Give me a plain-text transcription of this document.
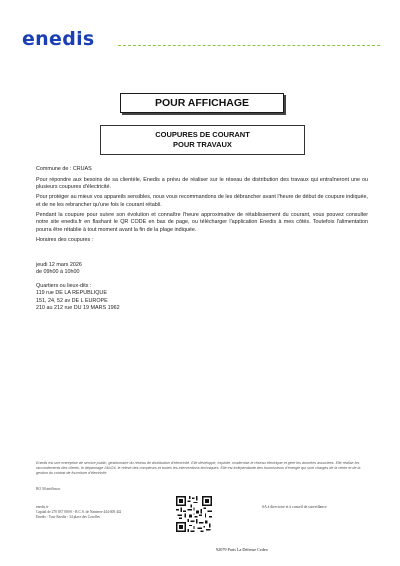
enedis
POUR AFFICHAGE
COUPURES DE COURANT
POUR TRAVAUX

Commune de : CRUAS

Pour répondre aux besoins de sa clientèle, Enedis a prévu de réaliser sur le réseau de distribution des travaux qui entraîneront une ou plusieurs coupures d'électricité.

Pour protéger au mieux vos appareils sensibles, nous vous recommandons de les débrancher avant l'heure de début de coupure indiquée, et de ne les rebrancher qu'une fois le courant rétabli.

Pendant la coupure pour suivre son évolution et connaître l'heure approximative de rétablissement du courant, vous pouvez consulter notre site enedis.fr en flashant le QR CODE en bas de page, ou télécharger l'application Enedis à mes côtés. Toutefois l'alimentation pourra être rétablie à tout moment avant la fin de la plage indiquée.

Horaires des coupures :

jeudi 12 mars 2026
de 09h00 à 10h00
Quartiers ou lieux-dits :
119 rue DE LA REPUBLIQUE
151, 24, 52 av DE L EUROPE
210 au 212 rue DU 19 MARS 1962
Enedis est une entreprise de service public, gestionnaire du réseau de distribution d'électricité. Elle développe, exploite, modernise le réseau électrique et gère les données associées. Elle réalise les raccordements des clients, le dépannage 24h/24, le relevé des compteurs et toutes les interventions techniques. Elle est indépendante des fournisseurs d'énergie qui sont chargés de la vente et de la gestion du contrat de fourniture d'électricité.
BO Montélimar
enedis.fr
Capital de 270 037 000 € - R.C.S. de Nanterre 444 608 442
Enedis - Tour Enedis - 34 place des Corolles
SA à directoire et à conseil de surveillance
92079 Paris La Défense Cedex
